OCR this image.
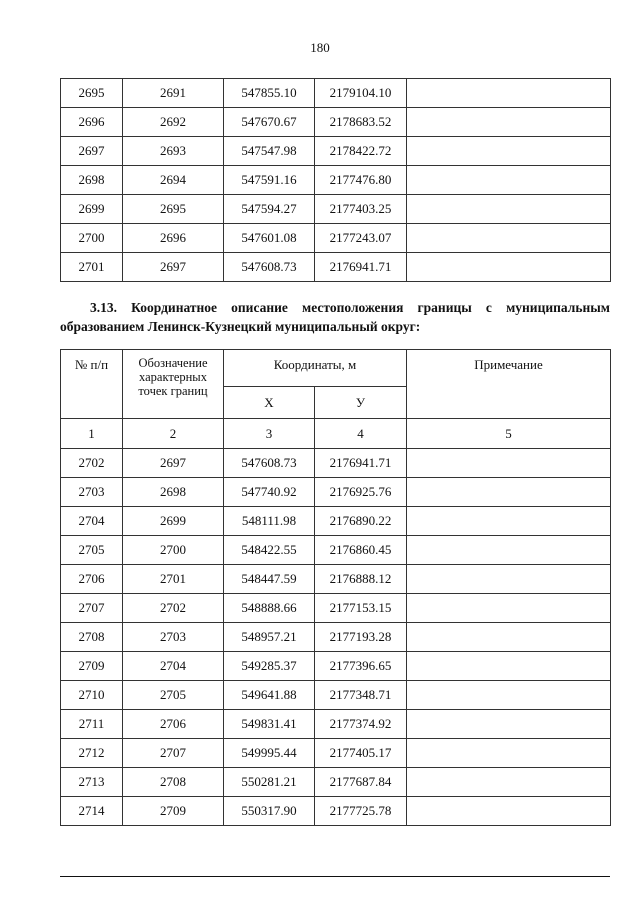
180
2695	2691	547855.10	2179104.10	
2696	2692	547670.67	2178683.52	
2697	2693	547547.98	2178422.72	
2698	2694	547591.16	2177476.80	
2699	2695	547594.27	2177403.25	
2700	2696	547601.08	2177243.07	
2701	2697	547608.73	2176941.71	
3.13. Координатное описание местоположения границы с муниципальным
образованием Ленинск-Кузнецкий муниципальный округ:
№ п/п	Обозначение характерных точек границ	Координаты, м		Примечание
		X	У	
1	2	3	4	5
2702	2697	547608.73	2176941.71	
2703	2698	547740.92	2176925.76	
2704	2699	548111.98	2176890.22	
2705	2700	548422.55	2176860.45	
2706	2701	548447.59	2176888.12	
2707	2702	548888.66	2177153.15	
2708	2703	548957.21	2177193.28	
2709	2704	549285.37	2177396.65	
2710	2705	549641.88	2177348.71	
2711	2706	549831.41	2177374.92	
2712	2707	549995.44	2177405.17	
2713	2708	550281.21	2177687.84	
2714	2709	550317.90	2177725.78	
